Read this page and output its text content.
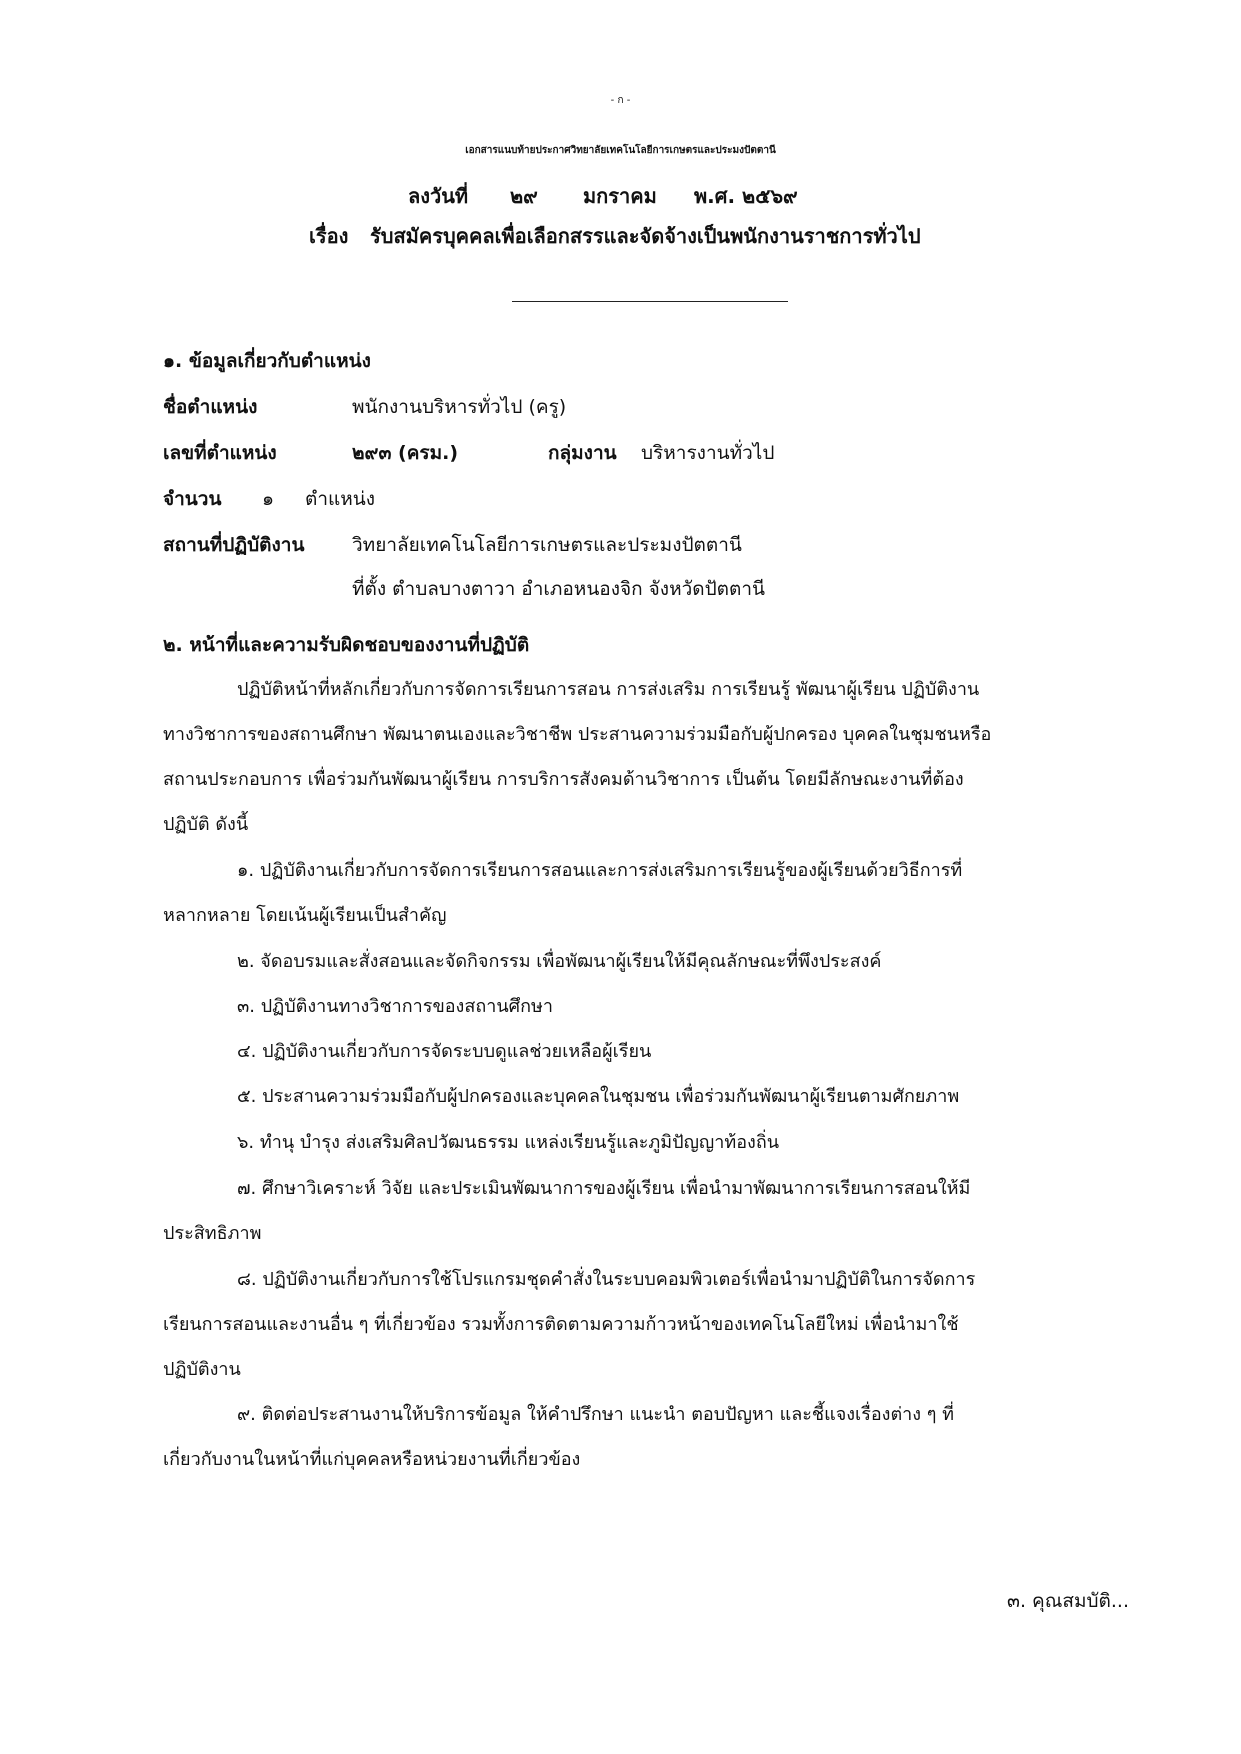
- ก -
เอกสารแนบท้ายประกาศวิทยาลัยเทคโนโลยีการเกษตรและประมงปัตตานี
ลงวันที่ ๒๙ มกราคม พ.ศ. ๒๕๖๙
เรื่อง รับสมัครบุคคลเพื่อเลือกสรรและจัดจ้างเป็นพนักงานราชการทั่วไป
๑. ข้อมูลเกี่ยวกับตำแหน่ง
ชื่อตำแหน่ง	พนักงานบริหารทั่วไป (ครู)
เลขที่ตำแหน่ง	๒๙๓ (ครม.)	กลุ่มงาน บริหารงานทั่วไป
จำนวน ๑ ตำแหน่ง
สถานที่ปฏิบัติงาน	วิทยาลัยเทคโนโลยีการเกษตรและประมงปัตตานี
ที่ตั้ง ตำบลบางตาวา อำเภอหนองจิก จังหวัดปัตตานี
๒. หน้าที่และความรับผิดชอบของงานที่ปฏิบัติ
ปฏิบัติหน้าที่หลักเกี่ยวกับการจัดการเรียนการสอน การส่งเสริม การเรียนรู้ พัฒนาผู้เรียน ปฏิบัติงาน
ทางวิชาการของสถานศึกษา พัฒนาตนเองและวิชาชีพ ประสานความร่วมมือกับผู้ปกครอง บุคคลในชุมชนหรือ
สถานประกอบการ เพื่อร่วมกันพัฒนาผู้เรียน การบริการสังคมด้านวิชาการ เป็นต้น โดยมีลักษณะงานที่ต้อง
ปฏิบัติ ดังนี้
๑. ปฏิบัติงานเกี่ยวกับการจัดการเรียนการสอนและการส่งเสริมการเรียนรู้ของผู้เรียนด้วยวิธีการที่
หลากหลาย โดยเน้นผู้เรียนเป็นสำคัญ
๒. จัดอบรมและสั่งสอนและจัดกิจกรรม เพื่อพัฒนาผู้เรียนให้มีคุณลักษณะที่พึงประสงค์
๓. ปฏิบัติงานทางวิชาการของสถานศึกษา
๔. ปฏิบัติงานเกี่ยวกับการจัดระบบดูแลช่วยเหลือผู้เรียน
๕. ประสานความร่วมมือกับผู้ปกครองและบุคคลในชุมชน เพื่อร่วมกันพัฒนาผู้เรียนตามศักยภาพ
๖. ทำนุ บำรุง ส่งเสริมศิลปวัฒนธรรม แหล่งเรียนรู้และภูมิปัญญาท้องถิ่น
๗. ศึกษาวิเคราะห์ วิจัย และประเมินพัฒนาการของผู้เรียน เพื่อนำมาพัฒนาการเรียนการสอนให้มี
ประสิทธิภาพ
๘. ปฏิบัติงานเกี่ยวกับการใช้โปรแกรมชุดคำสั่งในระบบคอมพิวเตอร์เพื่อนำมาปฏิบัติในการจัดการ
เรียนการสอนและงานอื่น ๆ ที่เกี่ยวข้อง รวมทั้งการติดตามความก้าวหน้าของเทคโนโลยีใหม่ เพื่อนำมาใช้
ปฏิบัติงาน
๙. ติดต่อประสานงานให้บริการข้อมูล ให้คำปรึกษา แนะนำ ตอบปัญหา และชี้แจงเรื่องต่าง ๆ ที่
เกี่ยวกับงานในหน้าที่แก่บุคคลหรือหน่วยงานที่เกี่ยวข้อง
๓. คุณสมบัติ...
